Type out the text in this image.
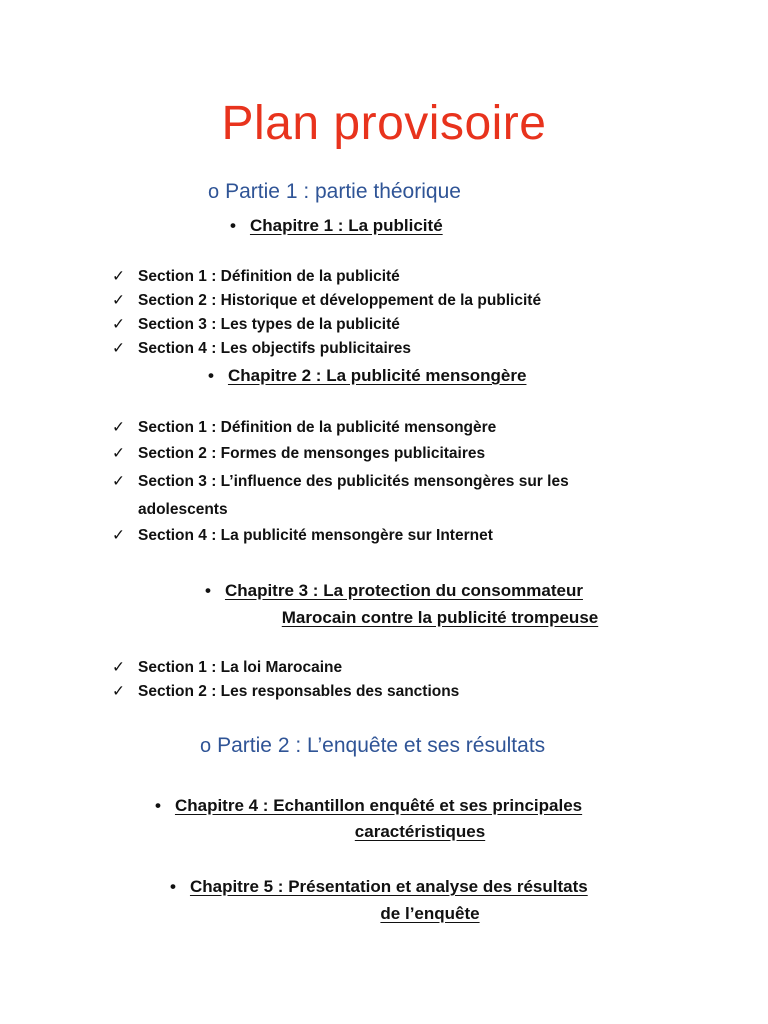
Plan provisoire
o Partie 1 : partie théorique
• Chapitre 1 : La publicité
✓ Section 1 : Définition de la publicité
✓ Section 2 : Historique et développement de la publicité
✓ Section 3 : Les types de la publicité
✓ Section 4 : Les objectifs publicitaires
• Chapitre 2 : La publicité mensongère
✓ Section 1 : Définition de la publicité mensongère
✓ Section 2 : Formes de mensonges publicitaires
✓ Section 3 : L’influence des publicités mensongères sur les
adolescents
✓ Section 4 : La publicité mensongère sur Internet
• Chapitre 3 : La protection du consommateur
Marocain contre la publicité trompeuse
✓ Section 1 : La loi Marocaine
✓ Section 2 : Les responsables des sanctions
o Partie 2 : L’enquête et ses résultats
• Chapitre 4 : Echantillon enquêté et ses principales
caractéristiques
• Chapitre 5 : Présentation et analyse des résultats
de l’enquête
